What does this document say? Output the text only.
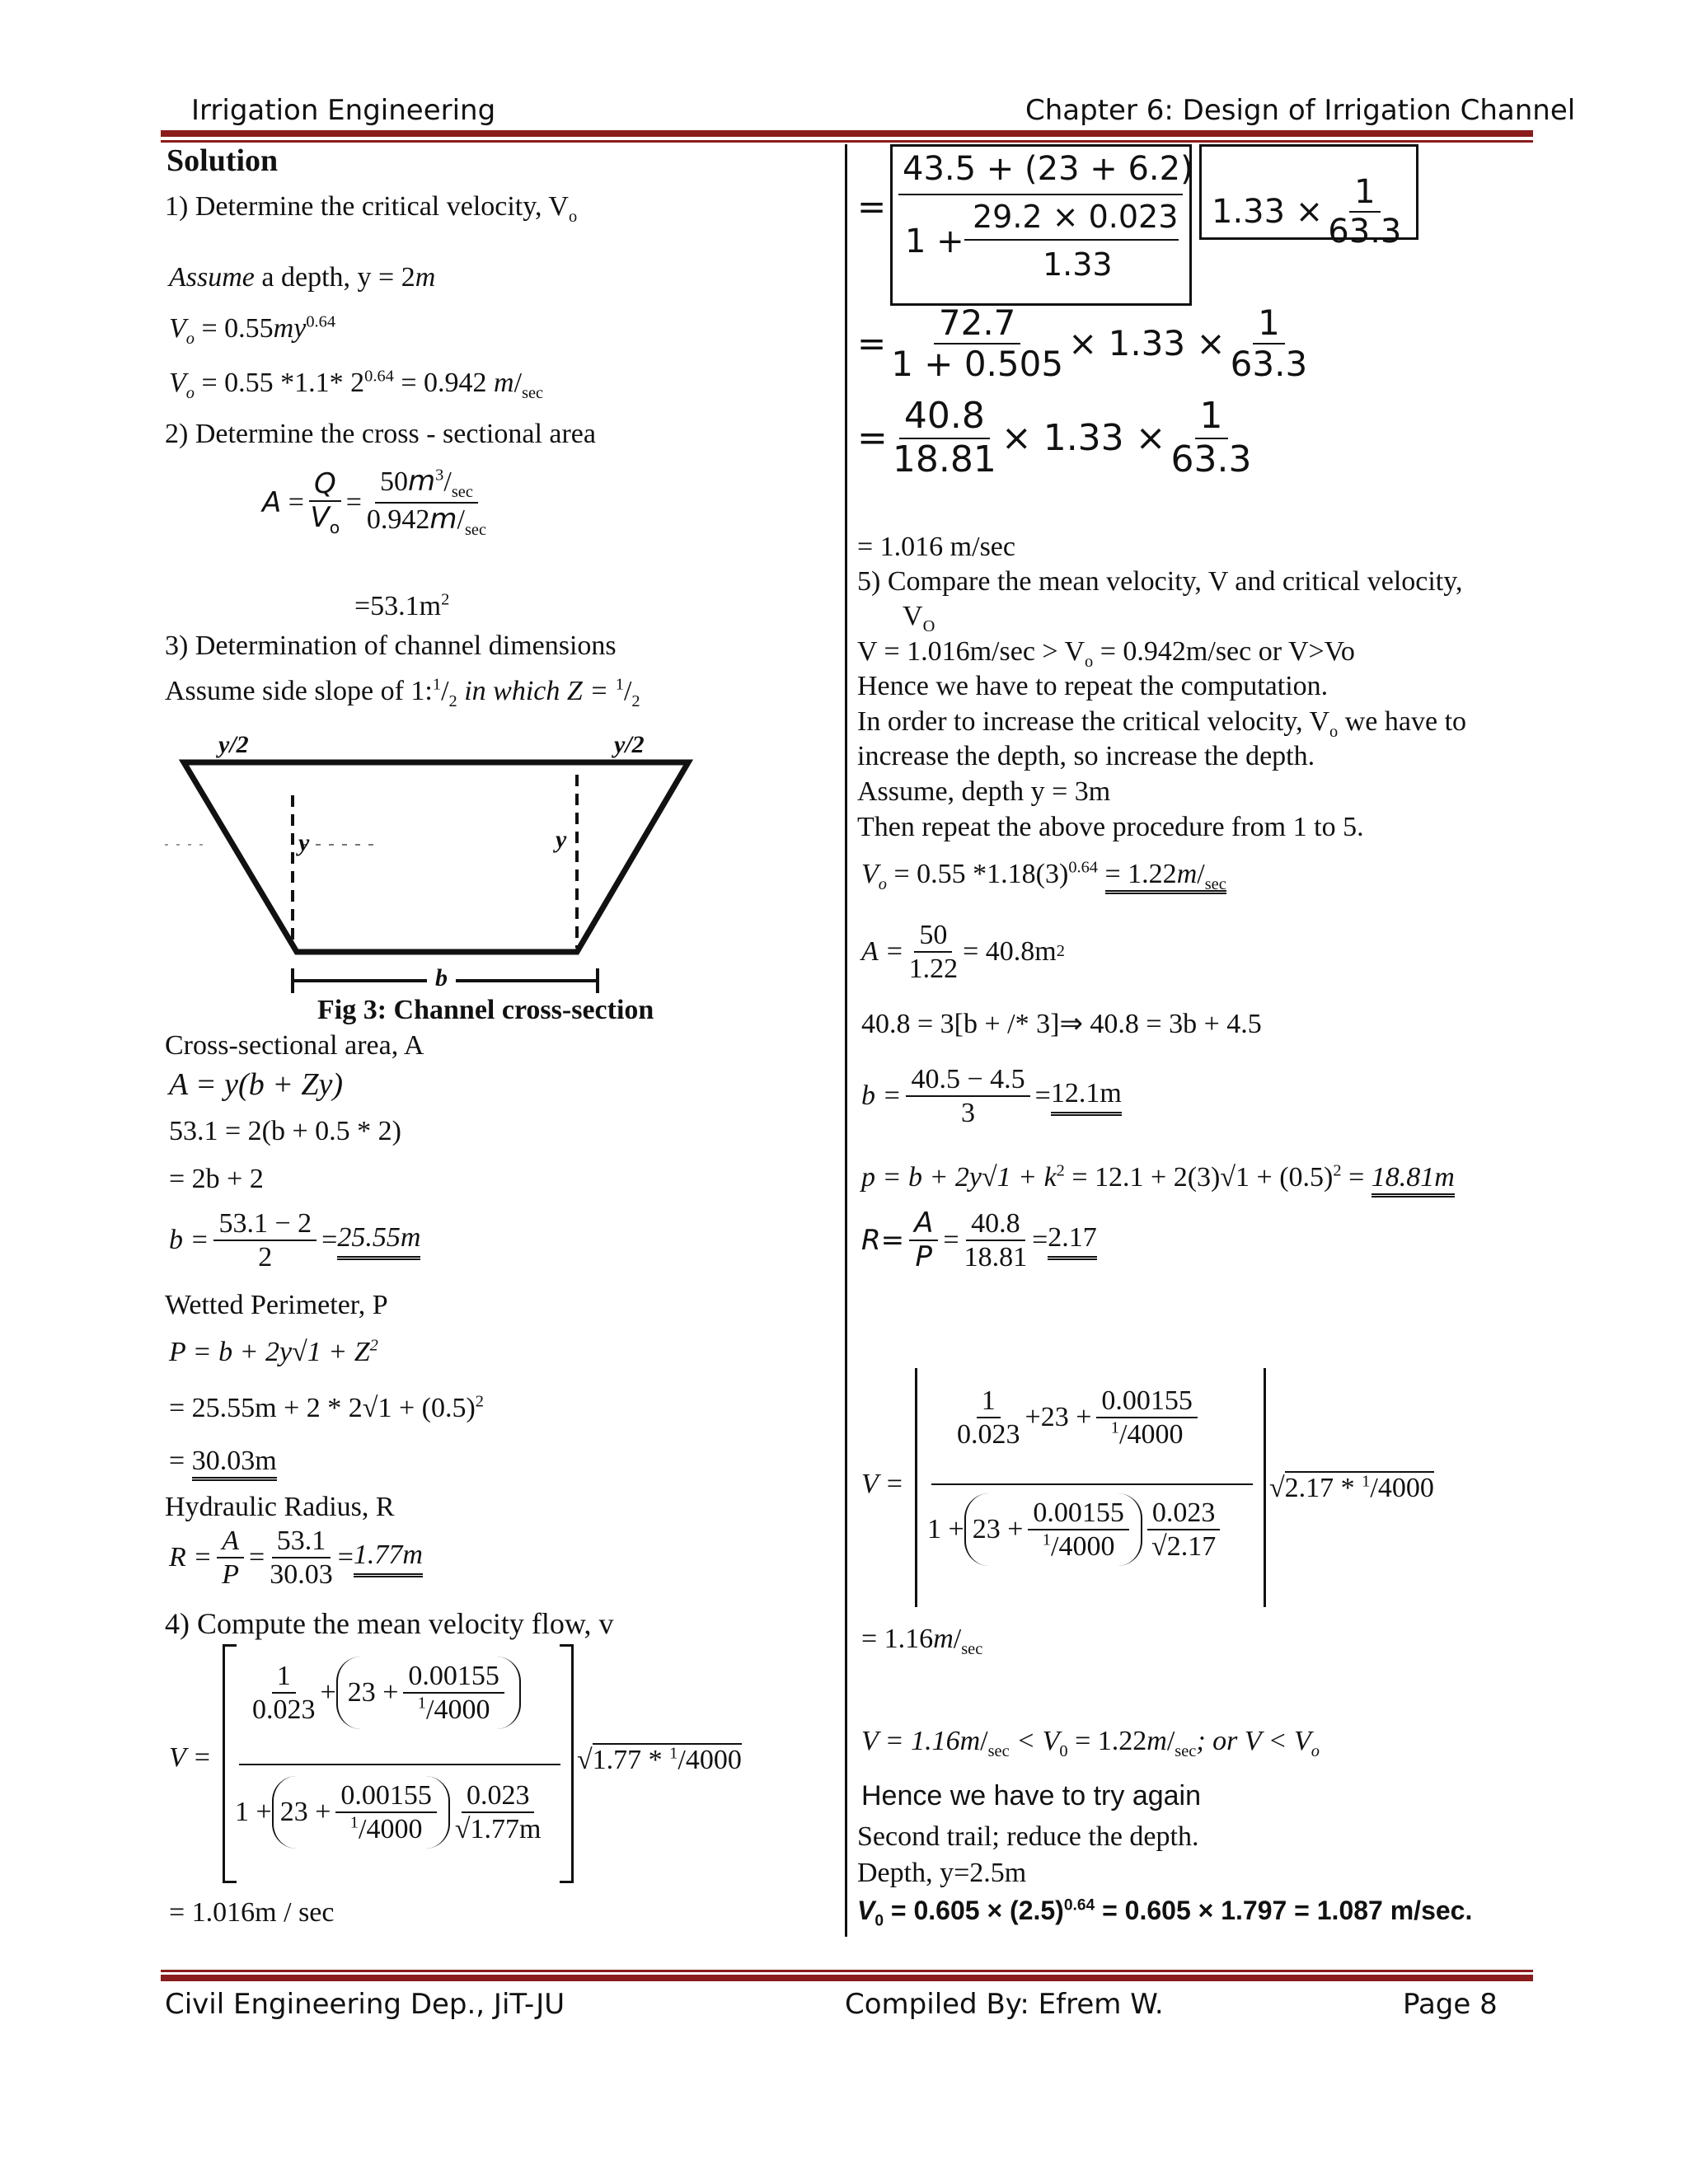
Irrigation Engineering	Chapter 6: Design of Irrigation Channel
Solution
1) Determine the critical velocity, $V_o$
Assume a depth, y = 2m
$V_o = 0.55my^{0.64}$
$V_o = 0.55$ *1.1* $2^{0.64} = 0.942$ $m/_{sec}$
2) Determine the cross - sectional area
$A = \frac{Q}{V_o} = \frac{50m^3/_{sec}}{0.942m/_{sec}}$
$=53.1m^2$
3) Determination of channel dimensions
Assume side slope of $1:^1/_2$ in which $Z = ^1/_2$
y/2	y/2
y	y
b
Fig 3: Channel cross-section
Cross-sectional area, A
A = y(b + Zy)
53.1 = 2(b + 0.5 * 2)
= 2b + 2
$b = \frac{53.1 - 2}{2} = 25.55m$
Wetted Perimeter, P
$P = b + 2y√1 + Z^2$
= $25.55m + 2 * 2√1 + (0.5)^2$
= 30.03m
Hydraulic Radius, R
$R = \frac{A}{P} = \frac{53.1}{30.03} = 1.77m$
4) Compute the mean velocity flow, v
V =
$\frac{1}{0.023} + 23 + \frac{0.00155}{^1/4000}$
$1 + 23 + \frac{0.00155}{^1/4000} \frac{0.023}{√1.77m}$
√1.77 * $^1$/4000
= 1.016m / sec
=
43.5 + (23 + 6.2)
1 +
29.2 × 0.023
1.33
$1.33 \times \frac{1}{63.3}$
= $\frac{72.7}{1 + 0.505} \times 1.33 \times \frac{1}{63.3}$
= $\frac{40.8}{18.81} \times 1.33 \times \frac{1}{63.3}$
= 1.016 m/sec
5) Compare the mean velocity, V and critical velocity,
$V_O$
$V = 1.016m/\sec > V_o = 0.942m/\sec$ or V>Vo
Hence we have to repeat the computation.
In order to increase the critical velocity, $V_o$ we have to
increase the depth, so increase the depth.
Assume, depth y = 3m
Then repeat the above procedure from 1 to 5.
$V_o = 0.55$ $*1.18(3)^{0.64} = 1.22m/_{sec}$
$A = \frac{50}{1.22} = 40.8m$ 2
40.8 = 3[b + /* 3]⇒ 40.8 = 3b + 4.5
$b = \frac{40.5 - 4.5}{3} = 12.1m$
$p = b + 2y√1 + k^2 = 12.1 + 2(3)√1 + (0.5)^2 = 18.81m$
$R= \frac{A}{P} = \frac{40.8}{18.81} = 2.17$
V =
$\frac{1}{0.023} + 23 + \frac{0.00155}{^1/4000}$
$1 + 23 + \frac{0.00155}{^1/4000} \frac{0.023}{√2.17}$
√2.17 * $^1$/4000
= $1.16m/_{sec}$
$V = 1.16m/_{sec} < V_0 = 1.22m/_{sec}$; or $V < V_o$
Hence we have to try again
Second trail; reduce the depth.
Depth, y=2.5m
$V_0 = 0.605 \times (2.5)^{0.64} = 0.605 \times 1.797 = 1.087$ m/sec.
Civil Engineering Dep., JiT-JU	Compiled By: Efrem W.	Page 8
